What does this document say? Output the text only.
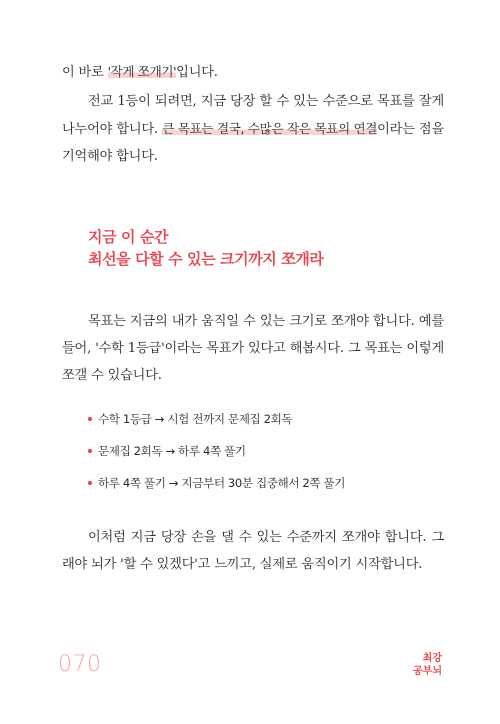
이 바로 '작게 쪼개기'입니다.

전교 1등이 되려면, 지금 당장 할 수 있는 수준으로 목표를 잘게 나누어야 합니다. 큰 목표는 결국, 수많은 작은 목표의 연결이라는 점을 기억해야 합니다.

지금 이 순간
최선을 다할 수 있는 크기까지 쪼개라

목표는 지금의 내가 움직일 수 있는 크기로 쪼개야 합니다. 예를 들어, '수학 1등급'이라는 목표가 있다고 해봅시다. 그 목표는 이렇게 쪼갤 수 있습니다.

수학 1등급 → 시험 전까지 문제집 2회독
문제집 2회독 → 하루 4쪽 풀기
하루 4쪽 풀기 → 지금부터 30분 집중해서 2쪽 풀기

이처럼 지금 당장 손을 댈 수 있는 수준까지 쪼개야 합니다. 그래야 뇌가 '할 수 있겠다'고 느끼고, 실제로 움직이기 시작합니다.

070	최강
공부뇌
